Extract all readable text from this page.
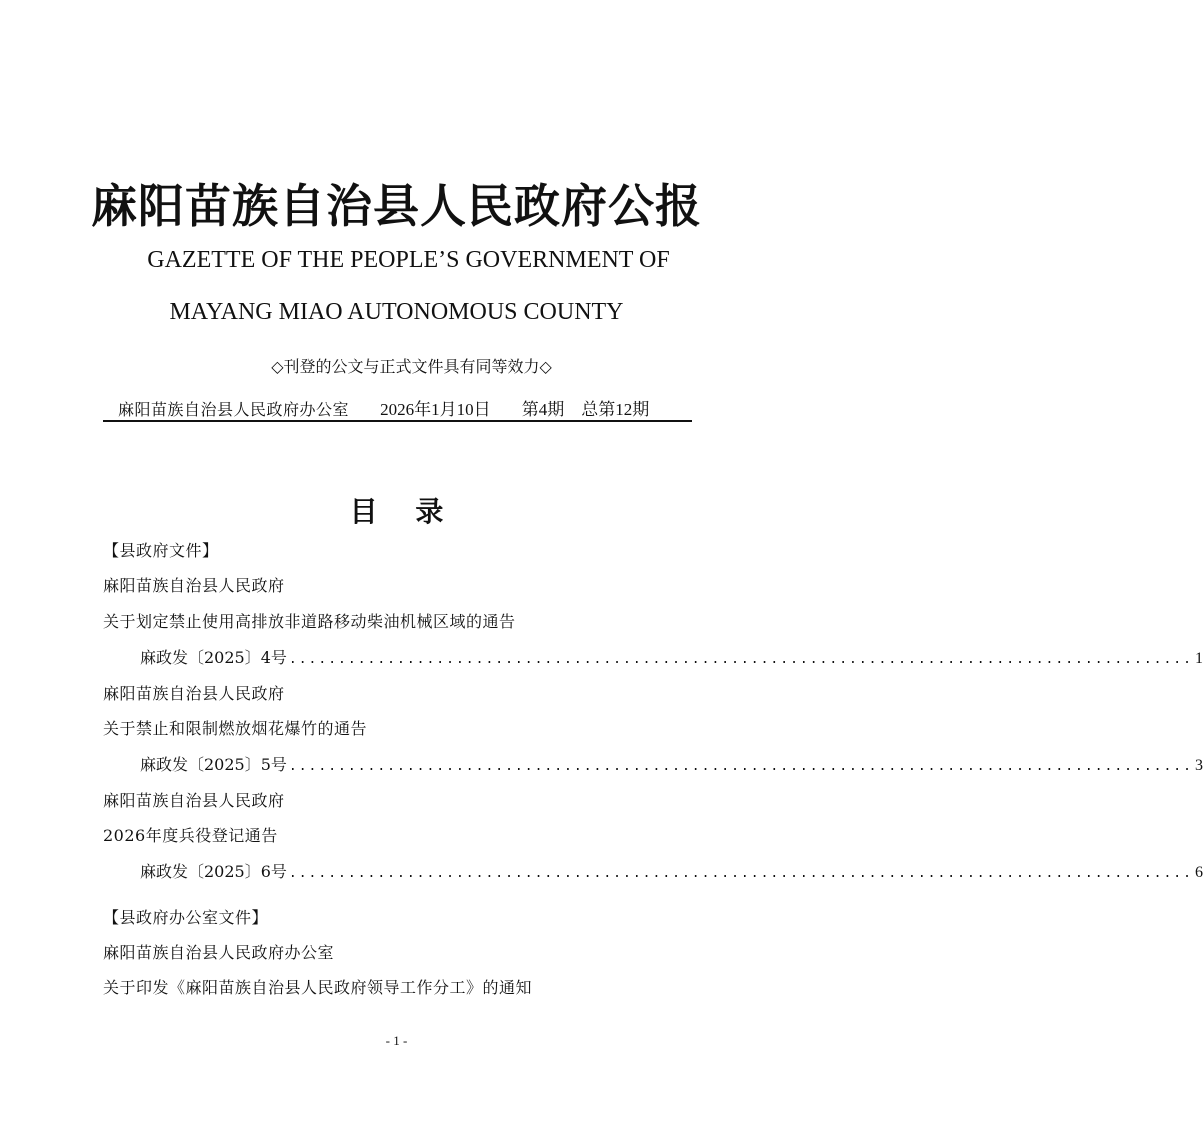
麻阳苗族自治县人民政府公报
GAZETTE OF THE PEOPLE’S GOVERNMENT OF
MAYANG MIAO AUTONOMOUS COUNTY
◇刊登的公文与正式文件具有同等效力◇
麻阳苗族自治县人民政府办公室 2026年1月10日 第4期 总第12期
目 录
【县政府文件】
麻阳苗族自治县人民政府
关于划定禁止使用高排放非道路移动柴油机械区域的通告
麻政发〔2025〕4号 ............................................................................................ 1
麻阳苗族自治县人民政府
关于禁止和限制燃放烟花爆竹的通告
麻政发〔2025〕5号 ............................................................................................ 3
麻阳苗族自治县人民政府
2026年度兵役登记通告
麻政发〔2025〕6号 ............................................................................................ 6
【县政府办公室文件】
麻阳苗族自治县人民政府办公室
关于印发《麻阳苗族自治县人民政府领导工作分工》的通知
- 1 -
